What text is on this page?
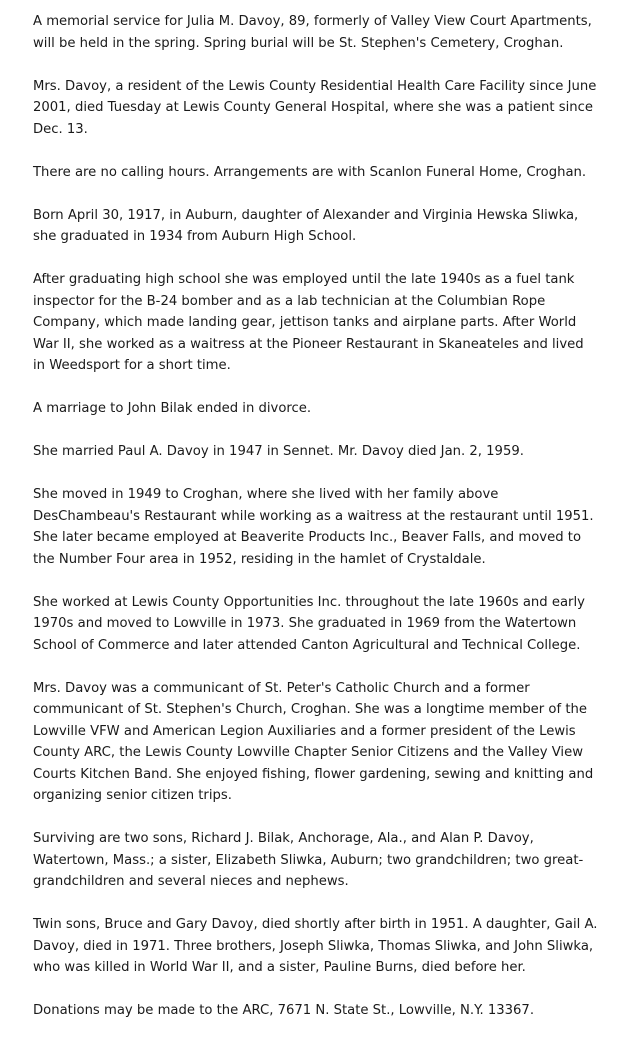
A memorial service for Julia M. Davoy, 89, formerly of Valley View Court Apartments, will be held in the spring. Spring burial will be St. Stephen's Cemetery, Croghan.

Mrs. Davoy, a resident of the Lewis County Residential Health Care Facility since June 2001, died Tuesday at Lewis County General Hospital, where she was a patient since Dec. 13.

There are no calling hours. Arrangements are with Scanlon Funeral Home, Croghan.

Born April 30, 1917, in Auburn, daughter of Alexander and Virginia Hewska Sliwka, she graduated in 1934 from Auburn High School.

After graduating high school she was employed until the late 1940s as a fuel tank inspector for the B-24 bomber and as a lab technician at the Columbian Rope Company, which made landing gear, jettison tanks and airplane parts. After World War II, she worked as a waitress at the Pioneer Restaurant in Skaneateles and lived in Weedsport for a short time.

A marriage to John Bilak ended in divorce.

She married Paul A. Davoy in 1947 in Sennet. Mr. Davoy died Jan. 2, 1959.

She moved in 1949 to Croghan, where she lived with her family above DesChambeau's Restaurant while working as a waitress at the restaurant until 1951. She later became employed at Beaverite Products Inc., Beaver Falls, and moved to the Number Four area in 1952, residing in the hamlet of Crystaldale.

She worked at Lewis County Opportunities Inc. throughout the late 1960s and early 1970s and moved to Lowville in 1973. She graduated in 1969 from the Watertown School of Commerce and later attended Canton Agricultural and Technical College.

Mrs. Davoy was a communicant of St. Peter's Catholic Church and a former communicant of St. Stephen's Church, Croghan. She was a longtime member of the Lowville VFW and American Legion Auxiliaries and a former president of the Lewis County ARC, the Lewis County Lowville Chapter Senior Citizens and the Valley View Courts Kitchen Band. She enjoyed fishing, flower gardening, sewing and knitting and organizing senior citizen trips.

Surviving are two sons, Richard J. Bilak, Anchorage, Ala., and Alan P. Davoy, Watertown, Mass.; a sister, Elizabeth Sliwka, Auburn; two grandchildren; two great-grandchildren and several nieces and nephews.

Twin sons, Bruce and Gary Davoy, died shortly after birth in 1951. A daughter, Gail A. Davoy, died in 1971. Three brothers, Joseph Sliwka, Thomas Sliwka, and John Sliwka, who was killed in World War II, and a sister, Pauline Burns, died before her.

Donations may be made to the ARC, 7671 N. State St., Lowville, N.Y. 13367.
